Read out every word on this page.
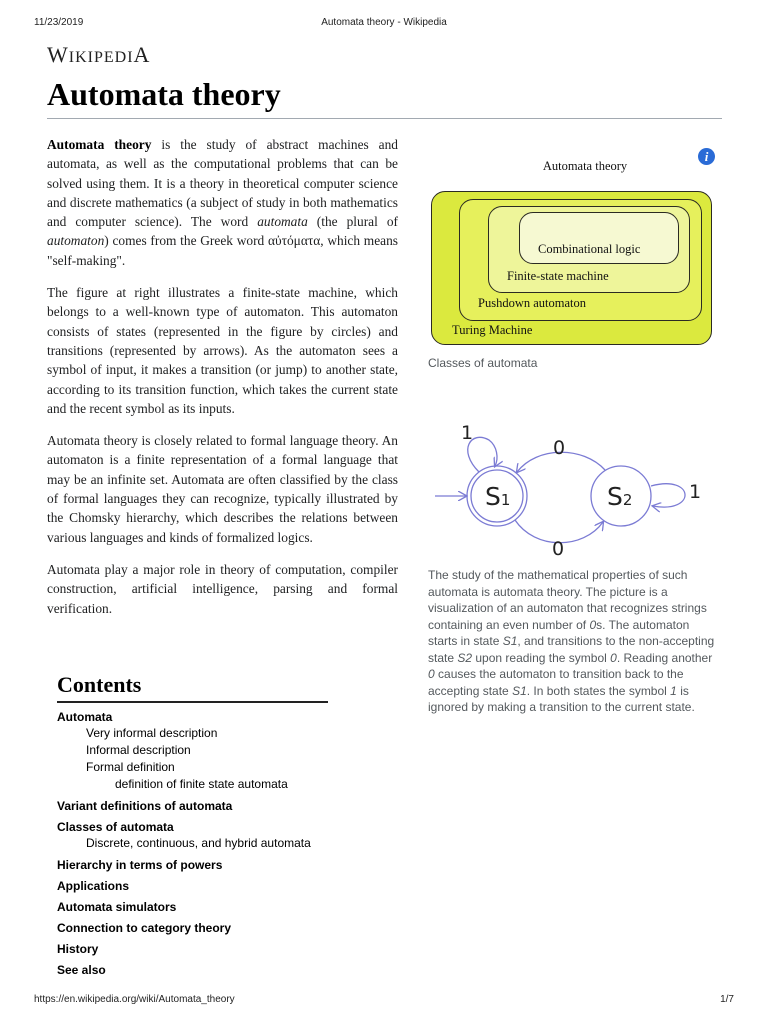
11/23/2019	Automata theory - Wikipedia
https://en.wikipedia.org/wiki/Automata_theory	1/7
WIKIPEDIA
Automata theory

Automata theory is the study of abstract machines and automata, as well as the computational problems that can be solved using them. It is a theory in theoretical computer science and discrete mathematics (a subject of study in both mathematics and computer science). The word automata (the plural of automaton) comes from the Greek word αὐτόματα, which means "self-making".

The figure at right illustrates a finite-state machine, which belongs to a well-known type of automaton. This automaton consists of states (represented in the figure by circles) and transitions (represented by arrows). As the automaton sees a symbol of input, it makes a transition (or jump) to another state, according to its transition function, which takes the current state and the recent symbol as its inputs.

Automata theory is closely related to formal language theory. An automaton is a finite representation of a formal language that may be an infinite set. Automata are often classified by the class of formal languages they can recognize, typically illustrated by the Chomsky hierarchy, which describes the relations between various languages and kinds of formalized logics.

Automata play a major role in theory of computation, compiler construction, artificial intelligence, parsing and formal verification.

Automata theory
i
Turing Machine
Pushdown automaton
Finite-state machine
Combinational logic
Classes of automata
S1	S2
1
0
1
0

The study of the mathematical properties of such automata is automata theory. The picture is a visualization of an automaton that recognizes strings containing an even number of 0s. The automaton starts in state S1, and transitions to the non-accepting state S2 upon reading the symbol 0. Reading another 0 causes the automaton to transition back to the accepting state S1. In both states the symbol 1 is ignored by making a transition to the current state.

Contents
Automata
Very informal description
Informal description
Formal definition
definition of finite state automata
Variant definitions of automata
Classes of automata
Discrete, continuous, and hybrid automata
Hierarchy in terms of powers
Applications
Automata simulators
Connection to category theory
History
See also
